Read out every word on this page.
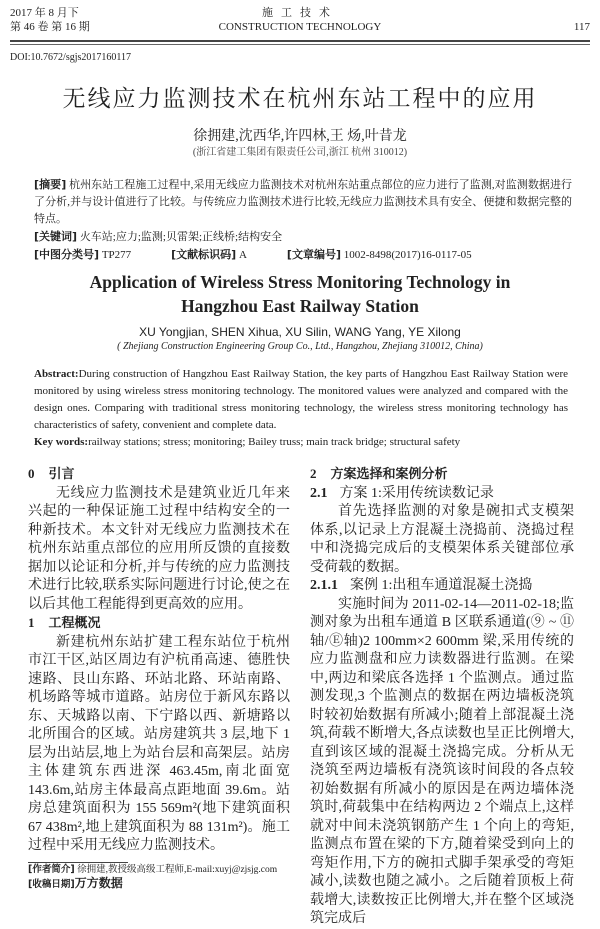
2017 年 8 月下
第 46 卷 第 16 期
施工技术
CONSTRUCTION TECHNOLOGY	117
DOI:10.7672/sgjs2017160117
无线应力监测技术在杭州东站工程中的应用
徐拥建,沈西华,许四林,王 炀,叶昔龙
(浙江省建工集团有限责任公司,浙江 杭州 310012)
[摘要] 杭州东站工程施工过程中,采用无线应力监测技术对杭州东站重点部位的应力进行了监测,对监测数据进行了分析,并与设计值进行了比较。与传统应力监测技术进行比较,无线应力监测技术具有安全、便捷和数据完整的特点。
[关键词] 火车站;应力;监测;贝雷架;正线桥;结构安全
[中图分类号] TP277	[文献标识码] A	[文章编号] 1002-8498(2017)16-0117-05
Application of Wireless Stress Monitoring Technology in
Hangzhou East Railway Station
XU Yongjian, SHEN Xihua, XU Silin, WANG Yang, YE Xilong
( Zhejiang Construction Engineering Group Co., Ltd., Hangzhou, Zhejiang 310012, China)
Abstract:During construction of Hangzhou East Railway Station, the key parts of Hangzhou East Railway Station were monitored by using wireless stress monitoring technology. The monitored values were analyzed and compared with the design ones. Comparing with traditional stress monitoring technology, the wireless stress monitoring technology has characteristics of safety, convenient and complete data.
Key words:railway stations; stress; monitoring; Bailey truss; main track bridge; structural safety
0 引言

无线应力监测技术是建筑业近几年来兴起的一种保证施工过程中结构安全的一种新技术。本文针对无线应力监测技术在杭州东站重点部位的应用所反馈的直接数据加以论证和分析,并与传统的应力监测技术进行比较,联系实际问题进行讨论,使之在以后其他工程能得到更高效的应用。

1 工程概况

新建杭州东站扩建工程东站位于杭州市江干区,站区周边有沪杭甬高速、德胜快速路、艮山东路、环站北路、环站南路、机场路等城市道路。站房位于新风东路以东、天城路以南、下宁路以西、新塘路以北所围合的区域。站房建筑共 3 层,地下 1 层为出站层,地上为站台层和高架层。站房主体建筑东西进深 463.45m,南北面宽 143.6m,站房主体最高点距地面 39.6m。站房总建筑面积为 155 569m²(地下建筑面积 67 438m²,地上建筑面积为 88 131m²)。施工过程中采用无线应力监测技术。

[作者简介] 徐拥建,教授级高级工程师,E-mail:xuyj@zjsjg.com
[收稿日期]万方数据
2 方案选择和案例分析
2.1 方案 1:采用传统读数记录

首先选择监测的对象是碗扣式支模架体系,以记录上方混凝土浇捣前、浇捣过程中和浇捣完成后的支模架体系关键部位承受荷载的数据。

2.1.1 案例 1:出租车通道混凝土浇捣

实施时间为 2011-02-14—2011-02-18;监测对象为出租车通道 B 区联系通道(⑨ ~ ⑪轴/Ⓔ轴)2 100mm×2 600mm 梁,采用传统的应力监测盘和应力读数器进行监测。在梁中,两边和梁底各选择 1 个监测点。通过监测发现,3 个监测点的数据在两边墙板浇筑时较初始数据有所减小;随着上部混凝土浇筑,荷载不断增大,各点读数也呈正比例增大,直到该区域的混凝土浇捣完成。分析从无浇筑至两边墙板有浇筑该时间段的各点较初始数据有所减小的原因是在两边墙体浇筑时,荷载集中在结构两边 2 个端点上,这样就对中间未浇筑钢筋产生 1 个向上的弯矩,监测点布置在梁的下方,随着梁受到向上的弯矩作用,下方的碗扣式脚手架承受的弯矩减小,读数也随之减小。之后随着顶板上荷载增大,读数按正比例增大,并在整个区域浇筑完成后
